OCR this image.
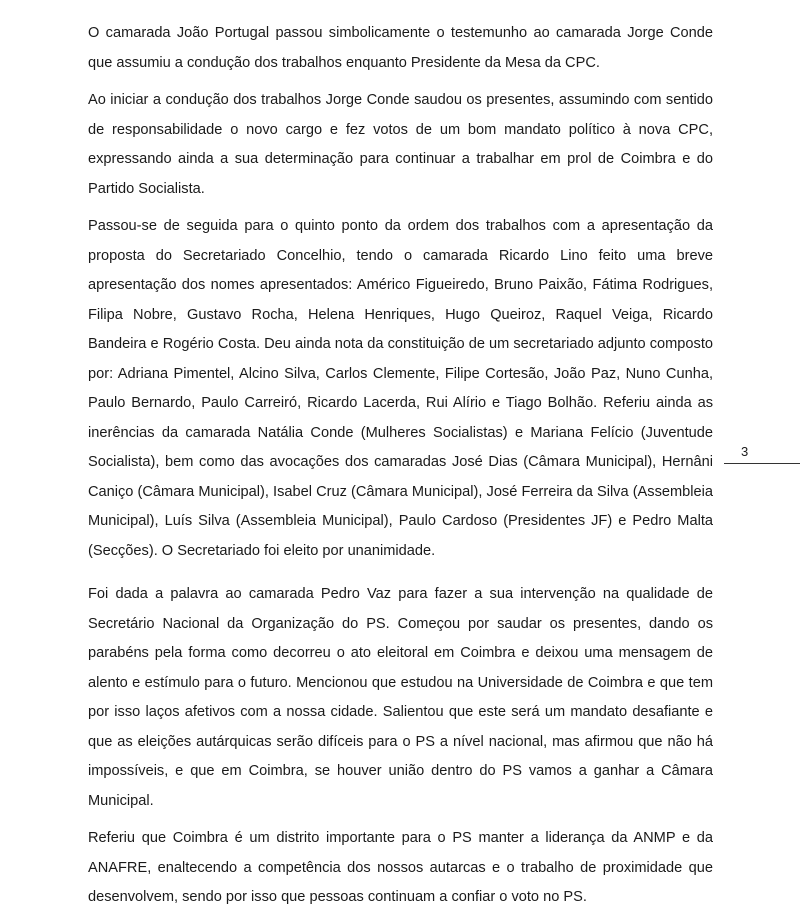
O camarada João Portugal passou simbolicamente o testemunho ao camarada Jorge Conde que assumiu a condução dos trabalhos enquanto Presidente da Mesa da CPC.

Ao iniciar a condução dos trabalhos Jorge Conde saudou os presentes, assumindo com sentido de responsabilidade o novo cargo e fez votos de um bom mandato político à nova CPC, expressando ainda a sua determinação para continuar a trabalhar em prol de Coimbra e do Partido Socialista.

Passou-se de seguida para o quinto ponto da ordem dos trabalhos com a apresentação da proposta do Secretariado Concelhio, tendo o camarada Ricardo Lino feito uma breve apresentação dos nomes apresentados: Américo Figueiredo, Bruno Paixão, Fátima Rodrigues, Filipa Nobre, Gustavo Rocha, Helena Henriques, Hugo Queiroz, Raquel Veiga, Ricardo Bandeira e Rogério Costa. Deu ainda nota da constituição de um secretariado adjunto composto por: Adriana Pimentel, Alcino Silva, Carlos Clemente, Filipe Cortesão, João Paz, Nuno Cunha, Paulo Bernardo, Paulo Carreiró, Ricardo Lacerda, Rui Alírio e Tiago Bolhão. Referiu ainda as inerências da camarada Natália Conde (Mulheres Socialistas) e Mariana Felício (Juventude Socialista), bem como das avocações dos camaradas José Dias (Câmara Municipal), Hernâni Caniço (Câmara Municipal), Isabel Cruz (Câmara Municipal), José Ferreira da Silva (Assembleia Municipal), Luís Silva (Assembleia Municipal), Paulo Cardoso (Presidentes JF) e Pedro Malta (Secções). O Secretariado foi eleito por unanimidade.

Foi dada a palavra ao camarada Pedro Vaz para fazer a sua intervenção na qualidade de Secretário Nacional da Organização do PS. Começou por saudar os presentes, dando os parabéns pela forma como decorreu o ato eleitoral em Coimbra e deixou uma mensagem de alento e estímulo para o futuro. Mencionou que estudou na Universidade de Coimbra e que tem por isso laços afetivos com a nossa cidade. Salientou que este será um mandato desafiante e que as eleições autárquicas serão difíceis para o PS a nível nacional, mas afirmou que não há impossíveis, e que em Coimbra, se houver união dentro do PS vamos a ganhar a Câmara Municipal.

Referiu que Coimbra é um distrito importante para o PS manter a liderança da ANMP e da ANAFRE, enaltecendo a competência dos nossos autarcas e o trabalho de proximidade que desenvolvem, sendo por isso que pessoas continuam a confiar o voto no PS.

3
